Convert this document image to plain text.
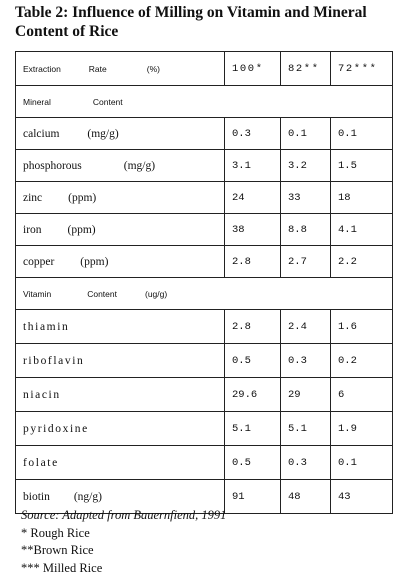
Table 2: Influence of Milling on Vitamin and Mineral Content of Rice
Extraction Rate (%)	100*	82**	72***
Mineral Content			
calcium (mg/g)	0.3	0.1	0.1
phosphorous (mg/g)	3.1	3.2	1.5
zinc (ppm)	24	33	18
iron (ppm)	38	8.8	4.1
copper (ppm)	2.8	2.7	2.2
Vitamin Content (ug/g)			
thiamin	2.8	2.4	1.6
riboflavin	0.5	0.3	0.2
niacin	29.6	29	6
pyridoxine	5.1	5.1	1.9
folate	0.5	0.3	0.1
biotin (ng/g)	91	48	43
Source: Adapted from Bauernfiend, 1991
* Rough Rice
**Brown Rice
*** Milled Rice
